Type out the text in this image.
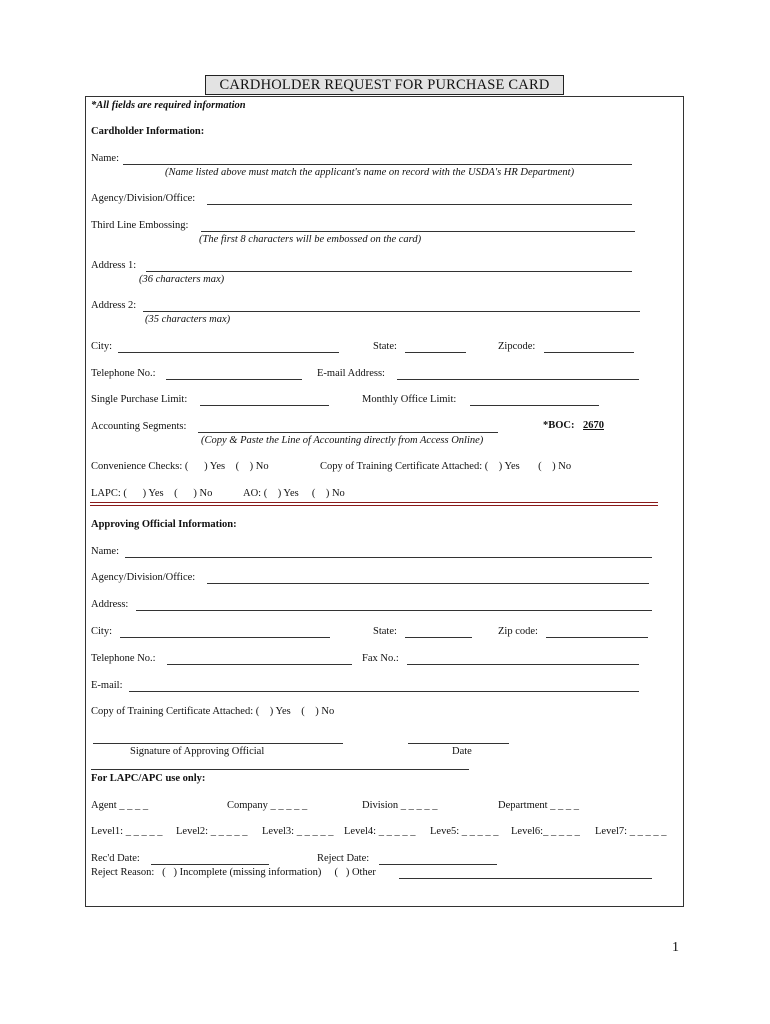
CARDHOLDER REQUEST FOR PURCHASE CARD
*All fields are required information
Cardholder Information:
Name:
(Name listed above must match the applicant's name on record with the USDA's HR Department)
Agency/Division/Office:
Third Line Embossing:
(The first 8 characters will be embossed on the card)
Address 1:
(36 characters max)
Address 2:
(35 characters max)
City:	State:	Zipcode:
Telephone No.:	E-mail Address:
Single Purchase Limit:	Monthly Office Limit:
Accounting Segments:	*BOC: 2670
(Copy & Paste the Line of Accounting directly from Access Online)
Convenience Checks: (      ) Yes    (    ) No	Copy of Training Certificate Attached: (    ) Yes       (    ) No
LAPC: (      ) Yes    (      ) No	AO: (    ) Yes     (    ) No
Approving Official Information:
Name:
Agency/Division/Office:
Address:
City:	State:	Zip code:
Telephone No.:	Fax No.:
E-mail:
Copy of Training Certificate Attached: (    ) Yes    (    ) No
Signature of Approving Official	Date
For LAPC/APC use only:
Agent _ _ _ _	Company _ _ _ _ _	Division _ _ _ _ _	Department _ _ _ _
Level1: _ _ _ _ _ Level2: _ _ _ _ _ Level3: _ _ _ _ _ Level4: _ _ _ _ _ Leve5: _ _ _ _ _ Level6:_ _ _ _ _ Level7: _ _ _ _ _
Rec'd Date:	Reject Date:
Reject Reason:   (   ) Incomplete (missing information)     (   ) Other
1
